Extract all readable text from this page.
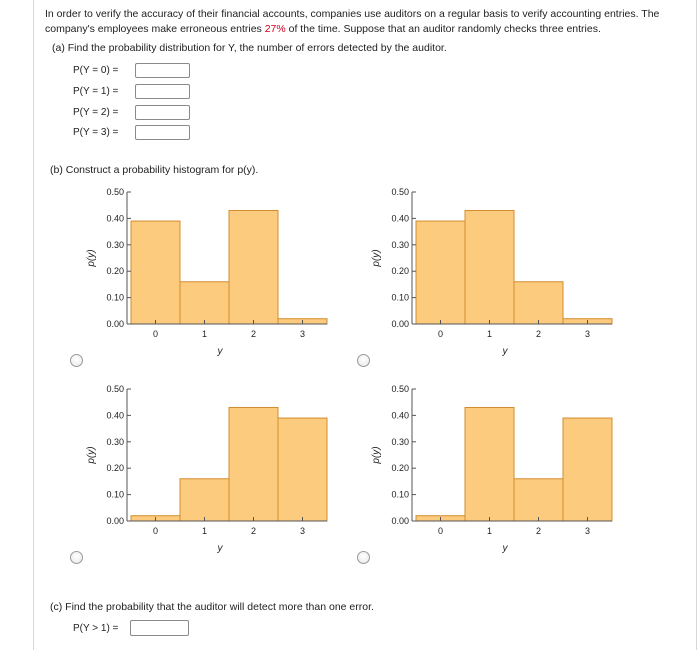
In order to verify the accuracy of their financial accounts, companies use auditors on a regular basis to verify accounting entries. The company's employees make erroneous entries 27% of the time. Suppose that an auditor randomly checks three entries.
(a) Find the probability distribution for Y, the number of errors detected by the auditor.
P(Y = 0) =
P(Y = 1) =
P(Y = 2) =
P(Y = 3) =
(b) Construct a probability histogram for p(y).
0.00
0.10
0.20
0.30
0.40
0.50
0	1	2	3
y
p(y)
0.00
0.10
0.20
0.30
0.40
0.50
0	1	2	3
y
p(y)
0.00
0.10
0.20
0.30
0.40
0.50
0	1	2	3
y
p(y)
0.00
0.10
0.20
0.30
0.40
0.50
0	1	2	3
y
p(y)
(c) Find the probability that the auditor will detect more than one error.
P(Y > 1) =
